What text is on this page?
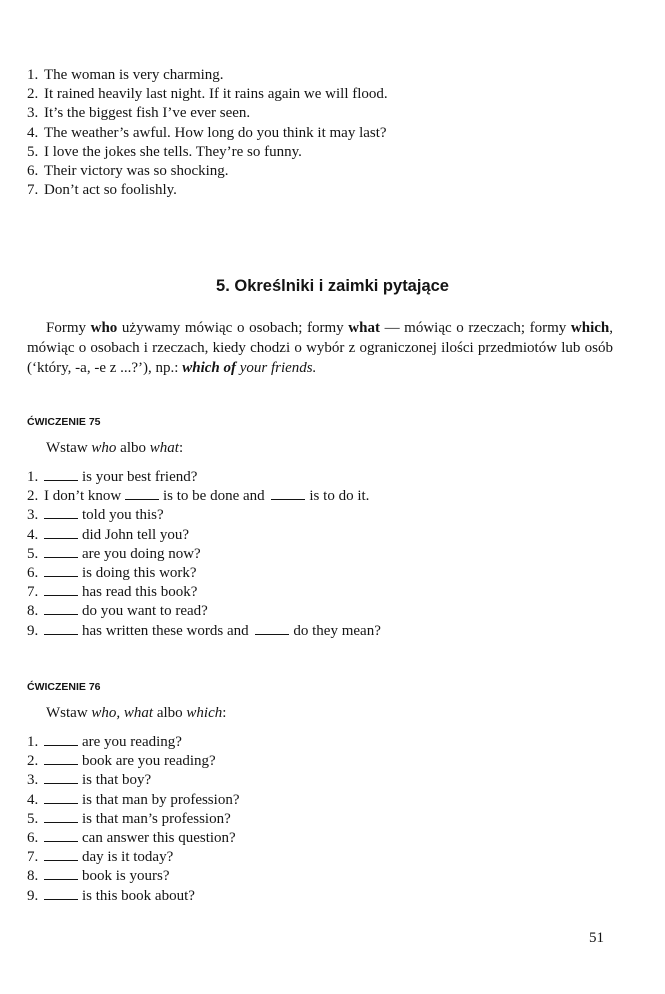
1. The woman is very charming.
2. It rained heavily last night. If it rains again we will flood.
3. It’s the biggest fish I’ve ever seen.
4. The weather’s awful. How long do you think it may last?
5. I love the jokes she tells. They’re so funny.
6. Their victory was so shocking.
7. Don’t act so foolishly.
5. Określniki i zaimki pytające
Formy who używamy mówiąc o osobach; formy what — mówiąc o rzeczach; formy which, mówiąc o osobach i rzeczach, kiedy chodzi o wybór z ograniczonej ilości przedmiotów lub osób (‘który, -a, -e z ...?’), np.: which of your friends.
ĆWICZENIE 75
Wstaw who albo what:
1.	is your best friend?
2. I don’t know	is to be done and	is to do it.
3.	told you this?
4.	did John tell you?
5.	are you doing now?
6.	is doing this work?
7.	has read this book?
8.	do you want to read?
9.	has written these words and	do they mean?
ĆWICZENIE 76
Wstaw who, what albo which:
1.	are you reading?
2.	book are you reading?
3.	is that boy?
4.	is that man by profession?
5.	is that man’s profession?
6.	can answer this question?
7.	day is it today?
8.	book is yours?
9.	is this book about?
51
